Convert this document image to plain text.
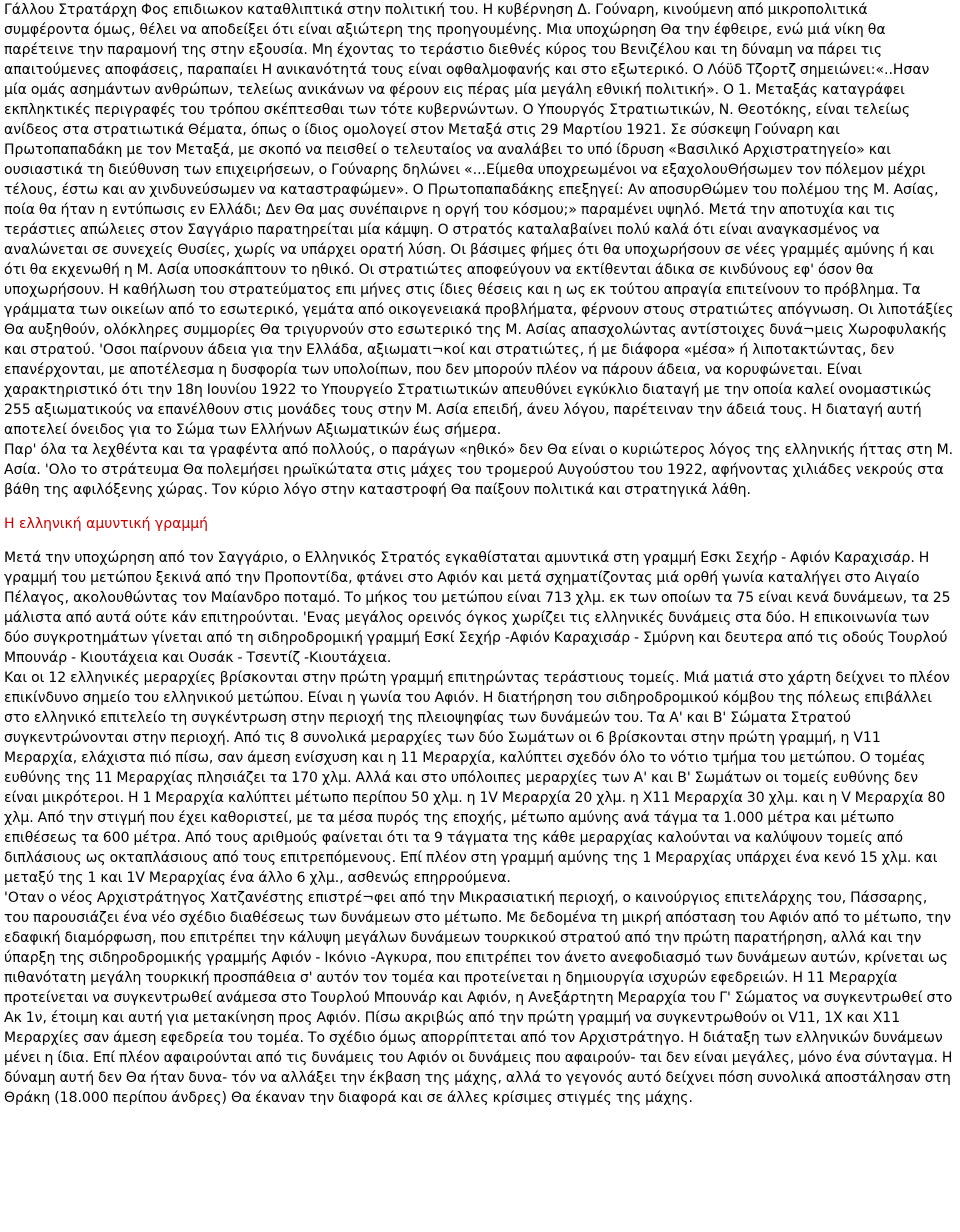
Γάλλου Στρατάρχη Φος επιδιωκον καταθλιπτικά στην πολιτική του. Η κυβέρνηση Δ. Γούναρη, κινούμενη από μικροπολιτικά συμφέροντα όμως, θέλει να αποδείξει ότι είναι αξιώτερη της προηγουμένης. Μια υποχώρηση Θα την έφθειρε, ενώ μιά νίκη θα παρέτεινε την παραμονή της στην εξουσία. Μη έχοντας το τεράστιο διεθνές κύρος του Βενιζέλου και τη δύναμη να πάρει τις απαιτούμενες αποφάσεις, παραπαίει Η ανικανότητά τους είναι οφθαλμοφανής και στο εξωτερικό. Ο Λόϋδ Τζορτζ σημειώνει:«..Ησαν μία ομάς ασημάντων ανθρώπων, τελείως ανικάνων να φέρουν εις πέρας μία μεγάλη εθνική πολιτική». Ο 1. Μεταξάς καταγράφει εκπληκτικές περιγραφές του τρόπου σκέπτεσθαι των τότε κυβερνώντων. Ο Υπουργός Στρατιωτικών, Ν. Θεοτόκης, είναι τελείως ανίδεος στα στρατιωτικά Θέματα, όπως ο ίδιος ομολογεί στον Μεταξά στις 29 Μαρτίου 1921. Σε σύσκεψη Γούναρη και Πρωτοπαπαδάκη με τον Μεταξά, με σκοπό να πεισθεί ο τελευταίος να αναλάβει το υπό ίδρυση «Βασιλικό Αρχιστρατηγείο» και ουσιαστικά τη διεύθυνση των επιχειρήσεων, ο Γούναρης δηλώνει «...Είμεθα υποχρεωμένοι να εξαχολουΘήσωμεν τον πόλεμον μέχρι τέλους, έστω και αν χινδυνεύσωμεν να καταστραφώμεν». Ο Πρωτοπαπαδάκης επεξηγεί: Αν αποσυρΘώμεν του πολέμου της Μ. Ασίας, ποία θα ήταν η εντύπωσις εν Ελλάδι; Δεν Θα μας συνέπαιρνε η οργή του κόσμου;» παραμένει υψηλό. Μετά την αποτυχία και τις τεράστιες απώλειες στον Σαγγάριο παρατηρείται μία κάμψη. Ο στρατός καταλαβαίνει πολύ καλά ότι είναι αναγκασμένος να αναλώνεται σε συνεχείς Θυσίες, χωρίς να υπάρχει ορατή λύση. Οι βάσιμες φήμες ότι θα υποχωρήσουν σε νέες γραμμές αμύνης ή και ότι θα εκχενωθή η Μ. Ασία υποσκάπτουν το ηθικό. Οι στρατιώτες αποφεύγουν να εκτίθενται άδικα σε κινδύνους εφ' όσον θα υποχωρήσουν. Η καθήλωση του στρατεύματος επι μήνες στις ίδιες θέσεις και η ως εκ τούτου απραγία επιτείνουν το πρόβλημα. Τα γράμματα των οικείων από το εσωτερικό, γεμάτα από οικογενειακά προβλήματα, φέρνουν στους στρατιώτες απόγνωση. Οι λιποτάξίες Θα αυξηθούν, ολόκληρες συμμορίες Θα τριγυρνούν στο εσωτερικό της Μ. Ασίας απασχολώντας αντίστοιχες δυνά¬μεις Χωροφυλακής και στρατού. 'Οσοι παίρνουν άδεια για την Ελλάδα, αξιωματι¬κοί και στρατιώτες, ή με διάφορα «μέσα» ή λιποτακτώντας, δεν επανέρχονται, με αποτέλεσμα η δυσφορία των υπολοίπων, που δεν μπορούν πλέον να πάρουν άδεια, να κορυφώνεται. Είναι χαρακτηριστικό ότι την 18η Ιουνίου 1922 το Υπουργείο Στρατιωτικών απευθύνει εγκύκλιο διαταγή με την οποία καλεί ονομαστικώς 255 αξιωματικούς να επανέλθουν στις μονάδες τους στην Μ. Ασία επειδή, άνευ λόγου, παρέτειναν την άδειά τους. Η διαταγή αυτή αποτελεί όνειδος για το Σώμα των Ελλήνων Αξιωματικών έως σήμερα.

Παρ' όλα τα λεχθέντα και τα γραφέντα από πολλούς, ο παράγων «ηθικό» δεν Θα είναι ο κυριώτερος λόγος της ελληνικής ήττας στη Μ. Ασία. 'Ολο το στράτευμα Θα πολεμήσει ηρωϊκώτατα στις μάχες του τρομερού Αυγούστου του 1922, αφήνοντας χιλιάδες νεκρούς στα βάθη της αφιλόξενης χώρας. Τον κύριο λόγο στην καταστροφή Θα παίξουν πολιτικά και στρατηγικά λάθη.

Η ελληνική αμυντική γραμμή

Μετά την υποχώρηση από τον Σαγγάριο, ο Ελληνικός Στρατός εγκαθίσταται αμυντικά στη γραμμή Εσκι Σεχήρ - Αφιόν Καραχισάρ. Η γραμμή του μετώπου ξεκινά από την Προποντίδα, φτάνει στο Αφιόν και μετά σχηματίζοντας μιά ορθή γωνία καταλήγει στο Αιγαίο Πέλαγος, ακολουθώντας τον Μαίανδρο ποταμό. Το μήκος του μετώπου είναι 713 χλμ. εκ των οποίων τα 75 είναι κενά δυνάμεων, τα 25 μάλιστα από αυτά ούτε κάν επιτηρούνται. 'Ενας μεγάλος ορεινός όγκος χωρίζει τις ελληνικές δυνάμεις στα δύο. Η επικοινωνία των δύο συγκροτημάτων γίνεται από τη σιδηροδρομική γραμμή Εσκί Σεχήρ -Αφιόν Καραχισάρ - Σμύρνη και δευτερα από τις οδούς Τουρλού Μπουνάρ - Κιουτάχεια και Ουσάκ - Τσεντίζ -Κιουτάχεια.

Και οι 12 ελληνικές μεραρχίες βρίσκονται στην πρώτη γραμμή επιτηρώντας τεράστιους τομείς. Μιά ματιά στο χάρτη δείχνει το πλέον επικίνδυνο σημείο του ελληνικού μετώπου. Είναι η γωνία του Αφιόν. Η διατήρηση του σιδηροδρομικού κόμβου της πόλεως επιβάλλει

στο ελληνικό επιτελείο τη συγκέντρωση στην περιοχή της πλειοψηφίας των δυνάμεών του. Τα Α' και Β' Σώματα Στρατού συγκεντρώνονται στην περιοχή. Από τις 8 συνολικά μεραρχίες των δύο Σωμάτων οι 6 βρίσκονται στην πρώτη γραμμή, η V11 Μεραρχία, ελάχιστα πιό πίσω, σαν άμεση ενίσχυση και η 11 Μεραρχία, καλύπτει σχεδόν όλο το νότιο τμήμα του μετώπου. Ο τομέας ευθύνης της 11 Μεραρχίας πλησιάζει τα 170 χλμ. Αλλά και στο υπόλοιπες μεραρχίες των Α' και Β' Σωμάτων οι τομείς ευθύνης δεν είναι μικρότεροι. Η 1 Μεραρχία καλύπτει μέτωπο περίπου 50 χλμ. η 1V Μεραρχία 20 χλμ. η Χ11 Μεραρχία 30 χλμ. και η V Μεραρχία 80 χλμ. Από την στιγμή που έχει καθοριστεί, με τα μέσα πυρός της εποχής, μέτωπο αμύνης ανά τάγμα τα 1.000 μέτρα και μέτωπο επιθέσεως τα 600 μέτρα. Από τους αριθμούς φαίνεται ότι τα 9 τάγματα της κάθε μεραρχίας καλούνται να καλύψουν τομείς από διπλάσιους ως οκταπλάσιους από τους επιτρεπόμενους. Επί πλέον στη γραμμή αμύνης της 1 Μεραρχίας υπάρχει ένα κενό 15 χλμ. και μεταξύ της 1 και 1V Μεραρχίας ένα άλλο 6 χλμ., ασθενώς επηρρούμενα.

'Οταν ο νέος Αρχιστράτηγος Χατζανέστης επιστρέ¬φει από την Μικρασιατική περιοχή, ο καινούργιος επιτελάρχης του, Πάσσαρης, του παρουσιάζει ένα νέο σχέδιο διαθέσεως των δυνάμεων στο μέτωπο. Με δεδομένα τη μικρή απόσταση του Αφιόν από το μέτωπο, την εδαφική διαμόρφωση, που επιτρέπει την κάλυψη μεγάλων δυνάμεων τουρκικού στρατού από την πρώτη παρατήρηση, αλλά και την ύπαρξη της σιδηροδρομικής γραμμής Αφιόν - Ικόνιο -Αγκυρα, που επιτρέπει τον άνετο ανεφοδιασμό των δυνάμεων αυτών, κρίνεται ως πιθανότατη μεγάλη τουρκική προσπάθεια σ' αυτόν τον τομέα και προτείνεται η δημιουργία ισχυρών εφεδρειών. Η 11 Μεραρχία προτείνεται να συγκεντρωθεί ανάμεσα στο Τουρλού Μπουνάρ και Αφιόν, η Ανεξάρτητη Μεραρχία του Γ' Σώματος να συγκεντρωθεί στο Ακ 1ν, έτοιμη και αυτή για μετακίνηση προς Αφιόν. Πίσω ακριβώς από την πρώτη γραμμή να συγκεντρωθούν οι V11, 1Χ και Χ11 Μεραρχίες σαν άμεση εφεδρεία του τομέα. Το σχέδιο όμως απορρίπτεται από τον Αρχιστράτηγο. Η διάταξη των ελληνικών δυνάμεων μένει η ίδια. Επί πλέον αφαιρούνται από τις δυνάμεις του Αφιόν οι δυνάμεις που αφαιρούν- ται δεν είναι μεγάλες, μόνο ένα σύνταγμα. Η δύναμη αυτή δεν Θα ήταν δυνα- τόν να αλλάξει την έκβαση της μάχης, αλλά το γεγονός αυτό δείχνει πόση συνολικά αποστάλησαν στη Θράκη (18.000 περίπου άνδρες) Θα έκαναν την διαφορά και σε άλλες κρίσιμες στιγμές της μάχης.
